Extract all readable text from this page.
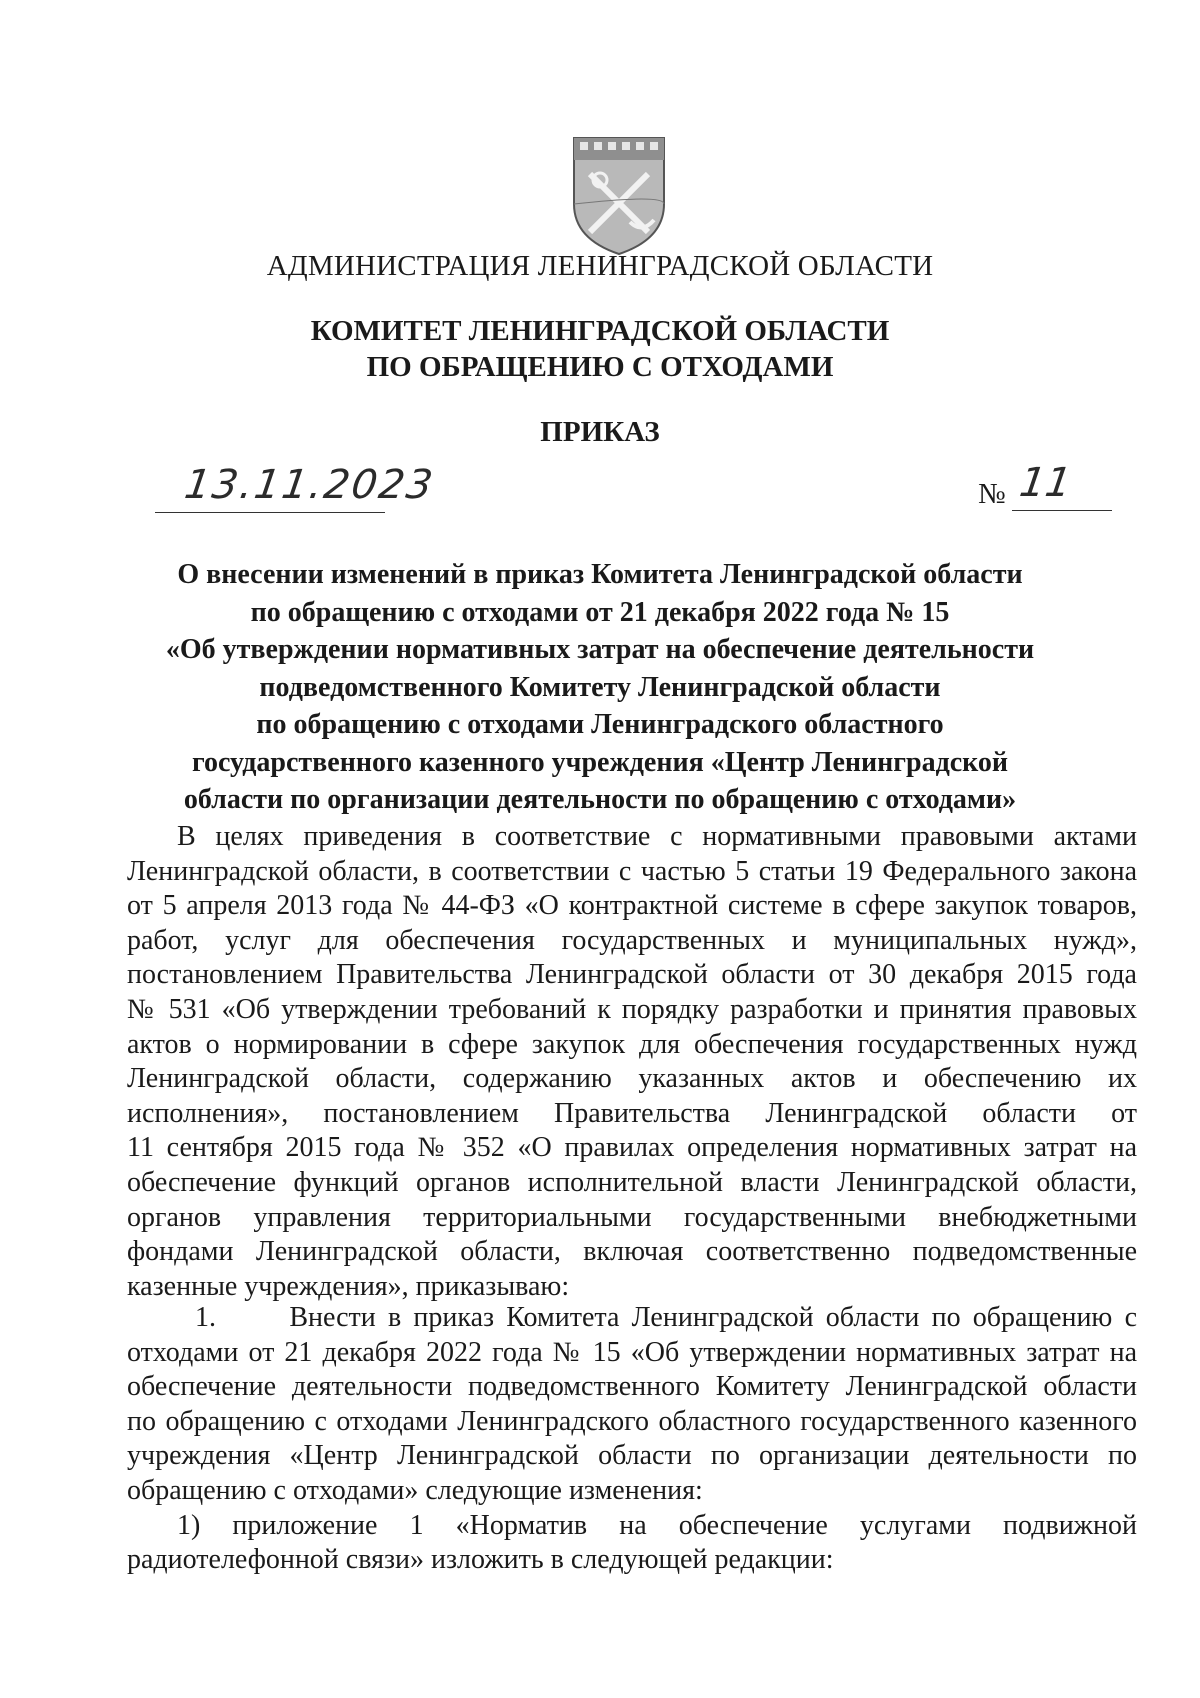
АДМИНИСТРАЦИЯ ЛЕНИНГРАДСКОЙ ОБЛАСТИ
КОМИТЕТ ЛЕНИНГРАДСКОЙ ОБЛАСТИ
ПО ОБРАЩЕНИЮ С ОТХОДАМИ
ПРИКАЗ
13.11.2023	№ 11
О внесении изменений в приказ Комитета Ленинградской области
по обращению с отходами от 21 декабря 2022 года № 15
«Об утверждении нормативных затрат на обеспечение деятельности
подведомственного Комитету Ленинградской области
по обращению с отходами Ленинградского областного
государственного казенного учреждения «Центр Ленинградской
области по организации деятельности по обращению с отходами»
В целях приведения в соответствие с нормативными правовыми актами
Ленинградской области, в соответствии с частью 5 статьи 19 Федерального закона
от 5 апреля 2013 года № 44-ФЗ «О контрактной системе в сфере закупок товаров,
работ, услуг для обеспечения государственных и муниципальных нужд»,
постановлением Правительства Ленинградской области от 30 декабря 2015 года
№ 531 «Об утверждении требований к порядку разработки и принятия правовых
актов о нормировании в сфере закупок для обеспечения государственных нужд
Ленинградской области, содержанию указанных актов и обеспечению их
исполнения», постановлением Правительства Ленинградской области от
11 сентября 2015 года № 352 «О правилах определения нормативных затрат на
обеспечение функций органов исполнительной власти Ленинградской области,
органов управления территориальными государственными внебюджетными
фондами Ленинградской области, включая соответственно подведомственные
казенные учреждения», приказываю:
1.      Внести в приказ Комитета Ленинградской области по обращению с
отходами от 21 декабря 2022 года № 15 «Об утверждении нормативных затрат на
обеспечение деятельности подведомственного Комитету Ленинградской области
по обращению с отходами Ленинградского областного государственного казенного
учреждения «Центр Ленинградской области по организации деятельности по
обращению с отходами» следующие изменения:
1) приложение 1 «Норматив на обеспечение услугами подвижной
радиотелефонной связи» изложить в следующей редакции:
